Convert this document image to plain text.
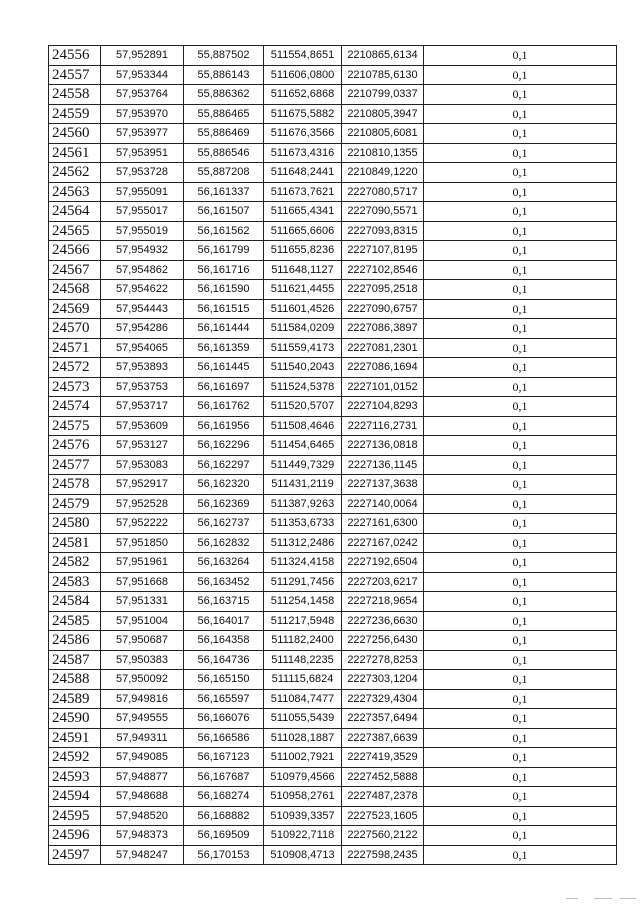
24556	57,952891	55,887502	511554,8651	2210865,6134	0,1
24557	57,953344	55,886143	511606,0800	2210785,6130	0,1
24558	57,953764	55,886362	511652,6868	2210799,0337	0,1
24559	57,953970	55,886465	511675,5882	2210805,3947	0,1
24560	57,953977	55,886469	511676,3566	2210805,6081	0,1
24561	57,953951	55,886546	511673,4316	2210810,1355	0,1
24562	57,953728	55,887208	511648,2441	2210849,1220	0,1
24563	57,955091	56,161337	511673,7621	2227080,5717	0,1
24564	57,955017	56,161507	511665,4341	2227090,5571	0,1
24565	57,955019	56,161562	511665,6606	2227093,8315	0,1
24566	57,954932	56,161799	511655,8236	2227107,8195	0,1
24567	57,954862	56,161716	511648,1127	2227102,8546	0,1
24568	57,954622	56,161590	511621,4455	2227095,2518	0,1
24569	57,954443	56,161515	511601,4526	2227090,6757	0,1
24570	57,954286	56,161444	511584,0209	2227086,3897	0,1
24571	57,954065	56,161359	511559,4173	2227081,2301	0,1
24572	57,953893	56,161445	511540,2043	2227086,1694	0,1
24573	57,953753	56,161697	511524,5378	2227101,0152	0,1
24574	57,953717	56,161762	511520,5707	2227104,8293	0,1
24575	57,953609	56,161956	511508,4646	2227116,2731	0,1
24576	57,953127	56,162296	511454,6465	2227136,0818	0,1
24577	57,953083	56,162297	511449,7329	2227136,1145	0,1
24578	57,952917	56,162320	511431,2119	2227137,3638	0,1
24579	57,952528	56,162369	511387,9263	2227140,0064	0,1
24580	57,952222	56,162737	511353,6733	2227161,6300	0,1
24581	57,951850	56,162832	511312,2486	2227167,0242	0,1
24582	57,951961	56,163264	511324,4158	2227192,6504	0,1
24583	57,951668	56,163452	511291,7456	2227203,6217	0,1
24584	57,951331	56,163715	511254,1458	2227218,9654	0,1
24585	57,951004	56,164017	511217,5948	2227236,6630	0,1
24586	57,950687	56,164358	511182,2400	2227256,6430	0,1
24587	57,950383	56,164736	511148,2235	2227278,8253	0,1
24588	57,950092	56,165150	511115,6824	2227303,1204	0,1
24589	57,949816	56,165597	511084,7477	2227329,4304	0,1
24590	57,949555	56,166076	511055,5439	2227357,6494	0,1
24591	57,949311	56,166586	511028,1887	2227387,6639	0,1
24592	57,949085	56,167123	511002,7921	2227419,3529	0,1
24593	57,948877	56,167687	510979,4566	2227452,5888	0,1
24594	57,948688	56,168274	510958,2761	2227487,2378	0,1
24595	57,948520	56,168882	510939,3357	2227523,1605	0,1
24596	57,948373	56,169509	510922,7118	2227560,2122	0,1
24597	57,948247	56,170153	510908,4713	2227598,2435	0,1
